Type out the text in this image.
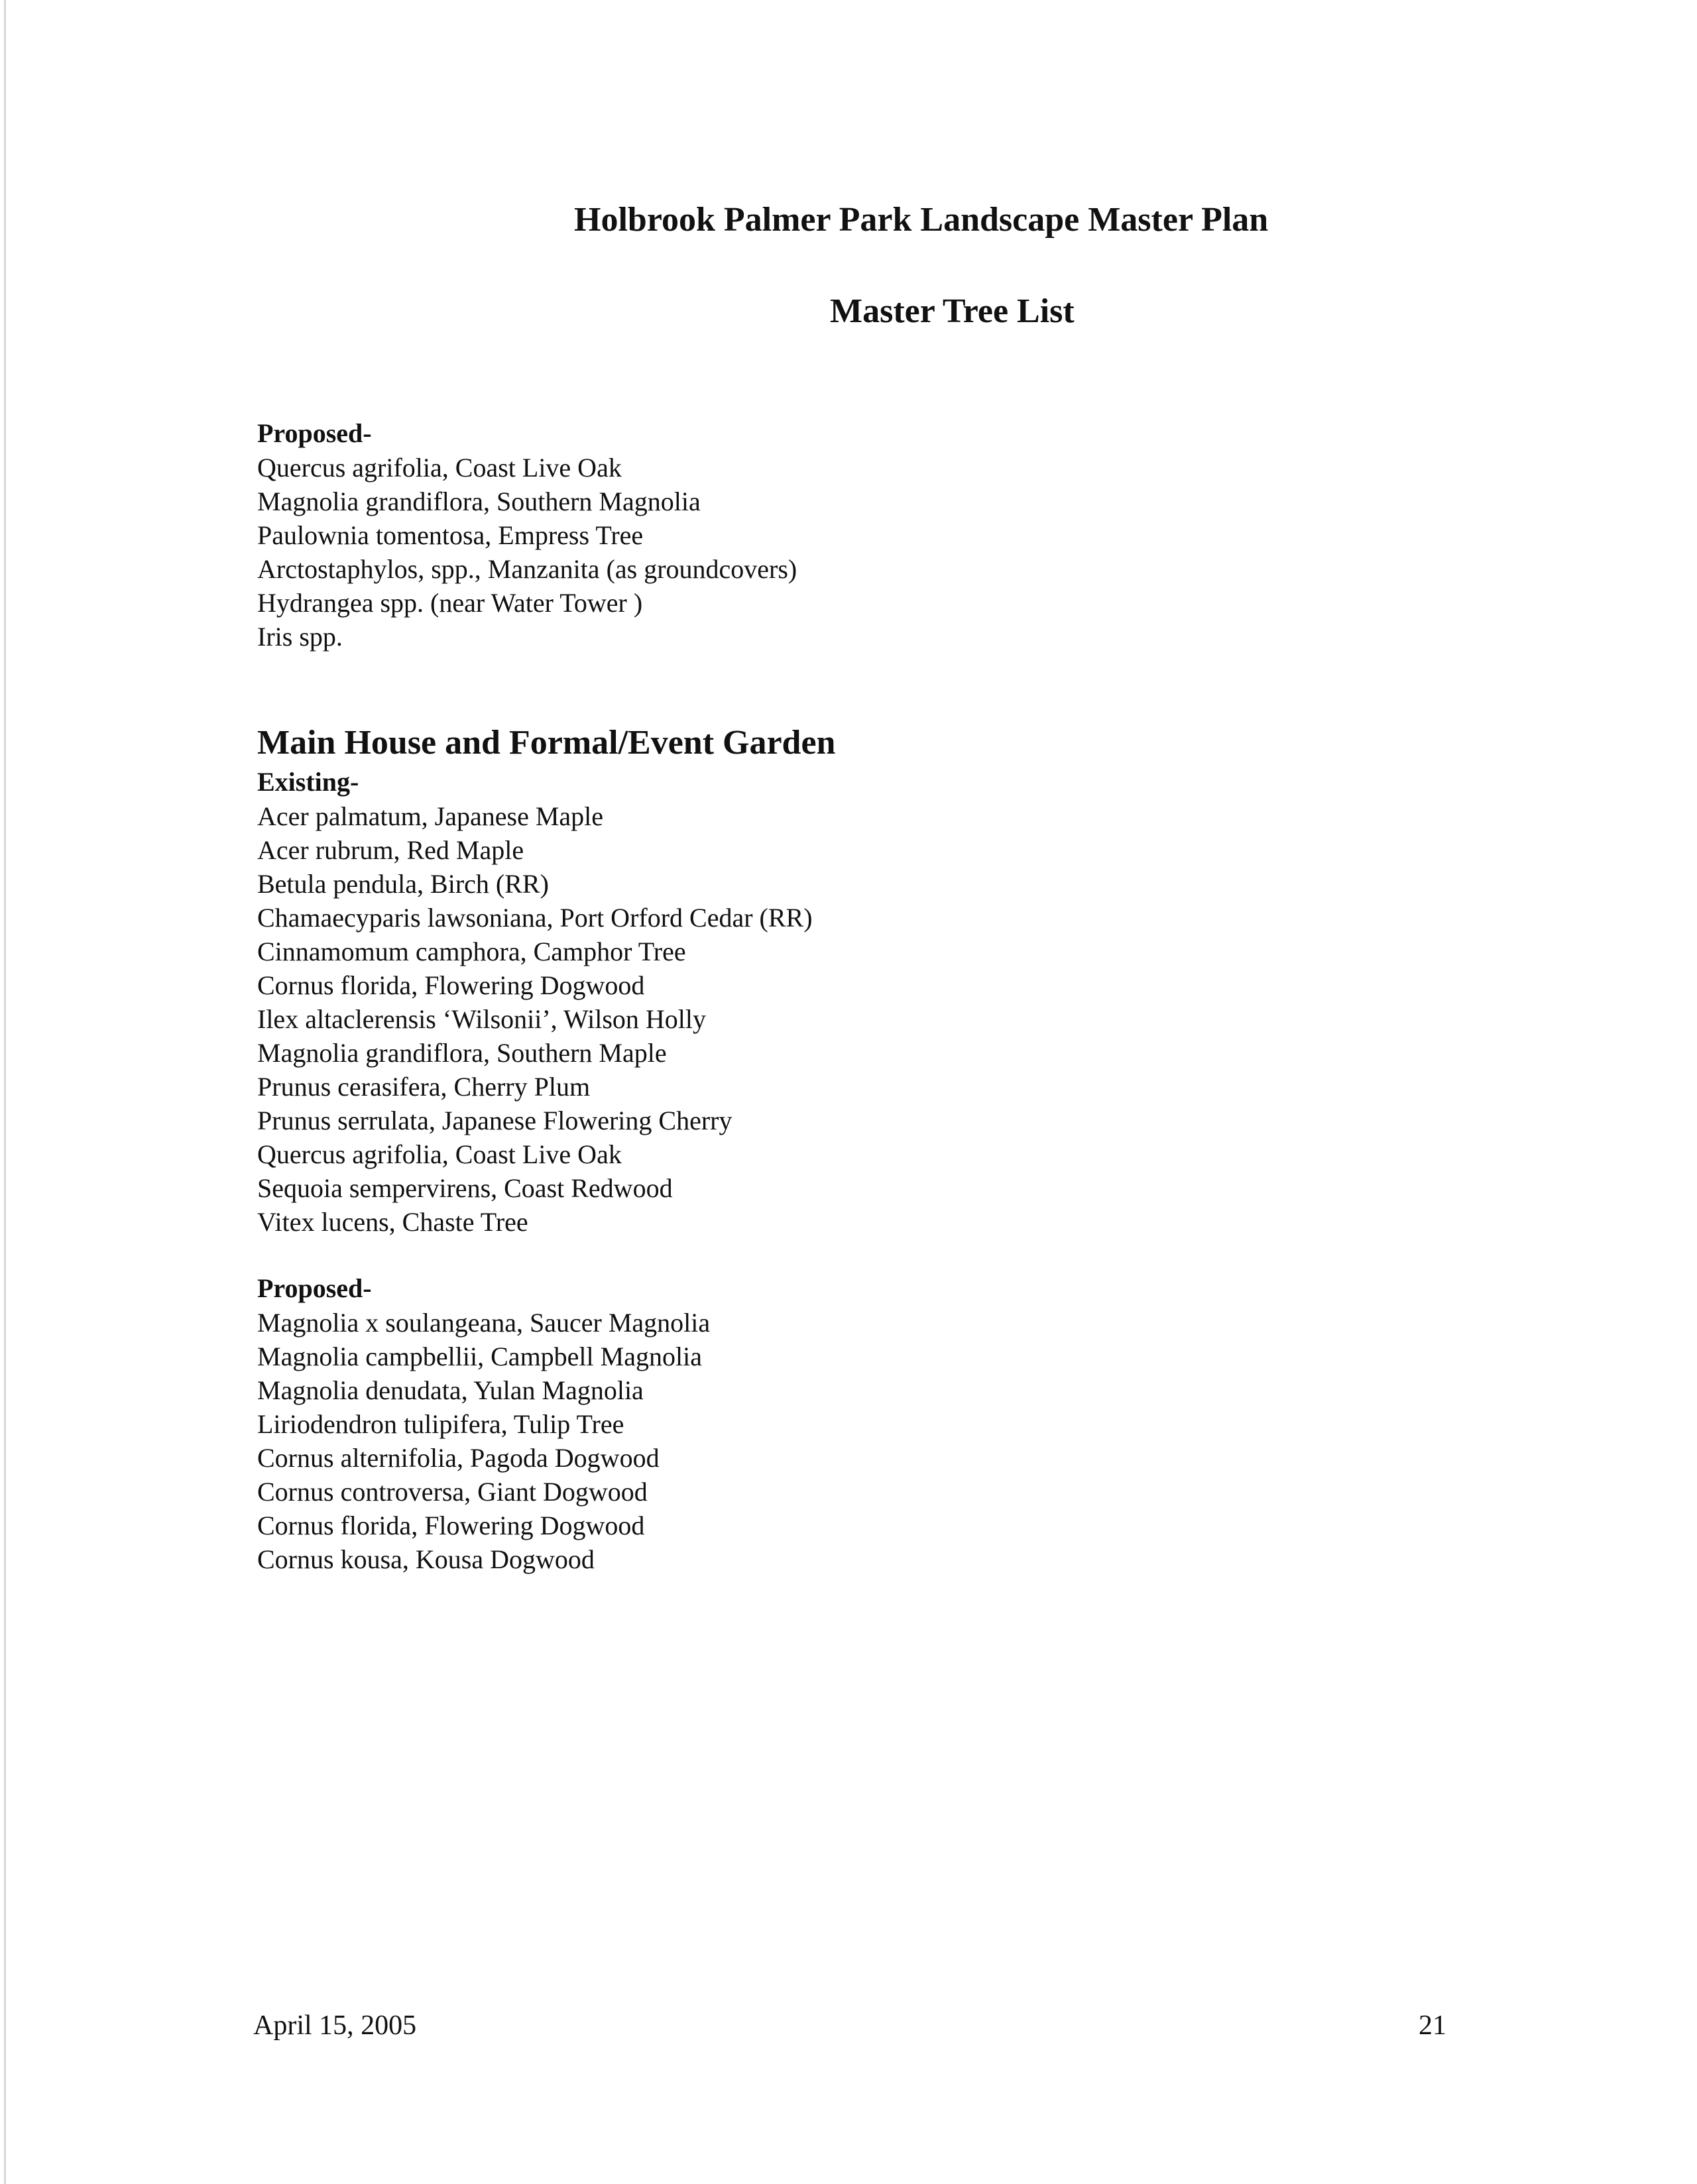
Holbrook Palmer Park Landscape Master Plan
Master Tree List
Proposed-
Quercus agrifolia, Coast Live Oak
Magnolia grandiflora, Southern Magnolia
Paulownia tomentosa, Empress Tree
Arctostaphylos, spp., Manzanita (as groundcovers)
Hydrangea spp. (near Water Tower )
Iris spp.
Main House and Formal/Event Garden
Existing-
Acer palmatum, Japanese Maple
Acer rubrum, Red Maple
Betula pendula, Birch (RR)
Chamaecyparis lawsoniana, Port Orford Cedar (RR)
Cinnamomum camphora, Camphor Tree
Cornus florida, Flowering Dogwood
Ilex altaclerensis ‘Wilsonii’, Wilson Holly
Magnolia grandiflora, Southern Maple
Prunus cerasifera, Cherry Plum
Prunus serrulata, Japanese Flowering Cherry
Quercus agrifolia, Coast Live Oak
Sequoia sempervirens, Coast Redwood
Vitex lucens, Chaste Tree
Proposed-
Magnolia x soulangeana, Saucer Magnolia
Magnolia campbellii, Campbell Magnolia
Magnolia denudata, Yulan Magnolia
Liriodendron tulipifera, Tulip Tree
Cornus alternifolia, Pagoda Dogwood
Cornus controversa, Giant Dogwood
Cornus florida, Flowering Dogwood
Cornus kousa, Kousa Dogwood
April 15, 2005	21
